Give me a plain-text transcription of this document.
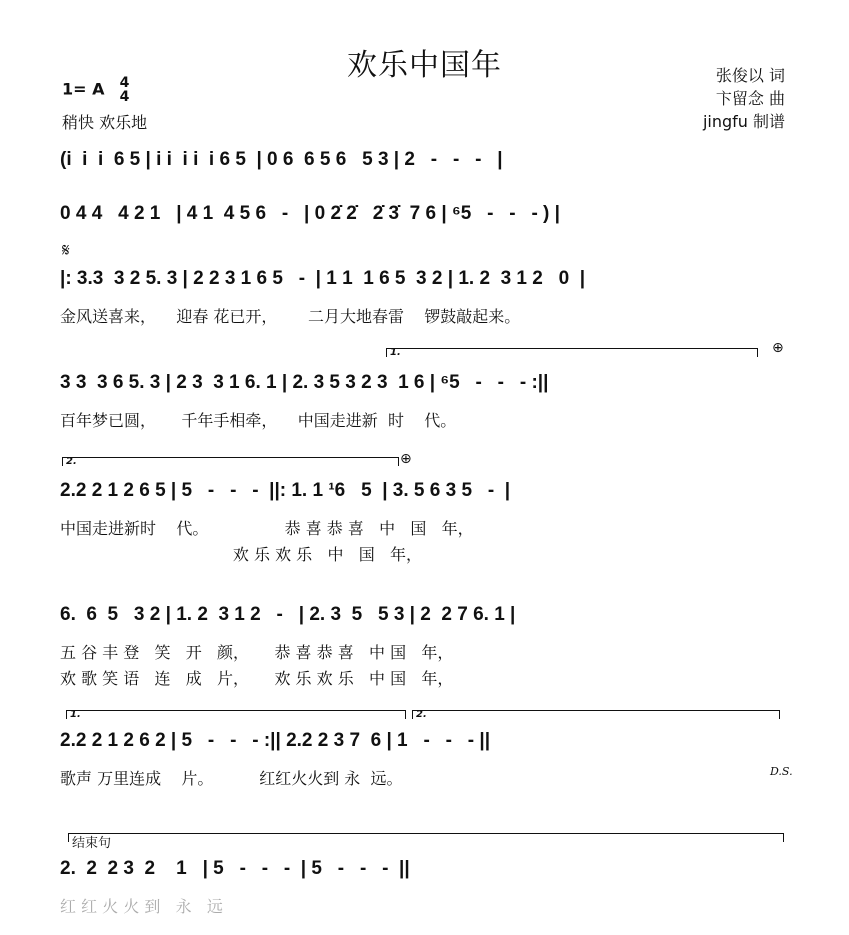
欢乐中国年
1= A 4
4
稍快 欢乐地
张俊以 词
卞留念 曲
jingfu 制谱
(i  i  i  6 5 | i i  i i  i 6 5  | 0 6  6 5 6   5 3 | 2   -   -   -   |
0 4 4   4 2 1   | 4 1  4 5 6   -   | 0 2̇ 2̇   2̇ 3̇  7 6 | ⁶5   -   -   - ) |
𝄋
|: 3.3  3 2 5. 3 | 2 2 3 1 6 5   -  | 1 1  1 6 5  3 2 | 1. 2  3 1 2   0  |
金风送喜来，    迎春 花已开，      二月大地春雷    锣鼓敲起来。
1.	⊕
3 3  3 6 5. 3 | 2 3  3 1 6. 1 | 2. 3 5 3 2 3  1 6 | ⁶5   -   -   - :||
百年梦已圆，     千年手相牵，    中国走进新  时    代。
2.	⊕
2.2 2 1 2 6 5 | 5   -   -   -  ||: 1. 1 ¹6   5  | 3. 5 6 3 5   -  |
中国走进新时    代。               恭 喜 恭 喜   中   国   年，
欢 乐 欢 乐   中   国   年，
6.  6  5   3 2 | 1. 2  3 1 2   -   | 2. 3  5   5 3 | 2  2 7 6. 1 |
五 谷 丰 登   笑   开   颜，     恭 喜 恭 喜   中 国   年，
欢 歌 笑 语   连   成   片，     欢 乐 欢 乐   中 国   年，
1.	2.
2.2 2 1 2 6 2 | 5   -   -   - :|| 2.2 2 3 7  6 | 1   -   -   - ||
歌声 万里连成    片。         红红火火到 永  远。	D.S.
结束句
2.  2  2 3  2    1   | 5   -   -   -  | 5   -   -   -  ||
红 红 火 火 到   永   远
